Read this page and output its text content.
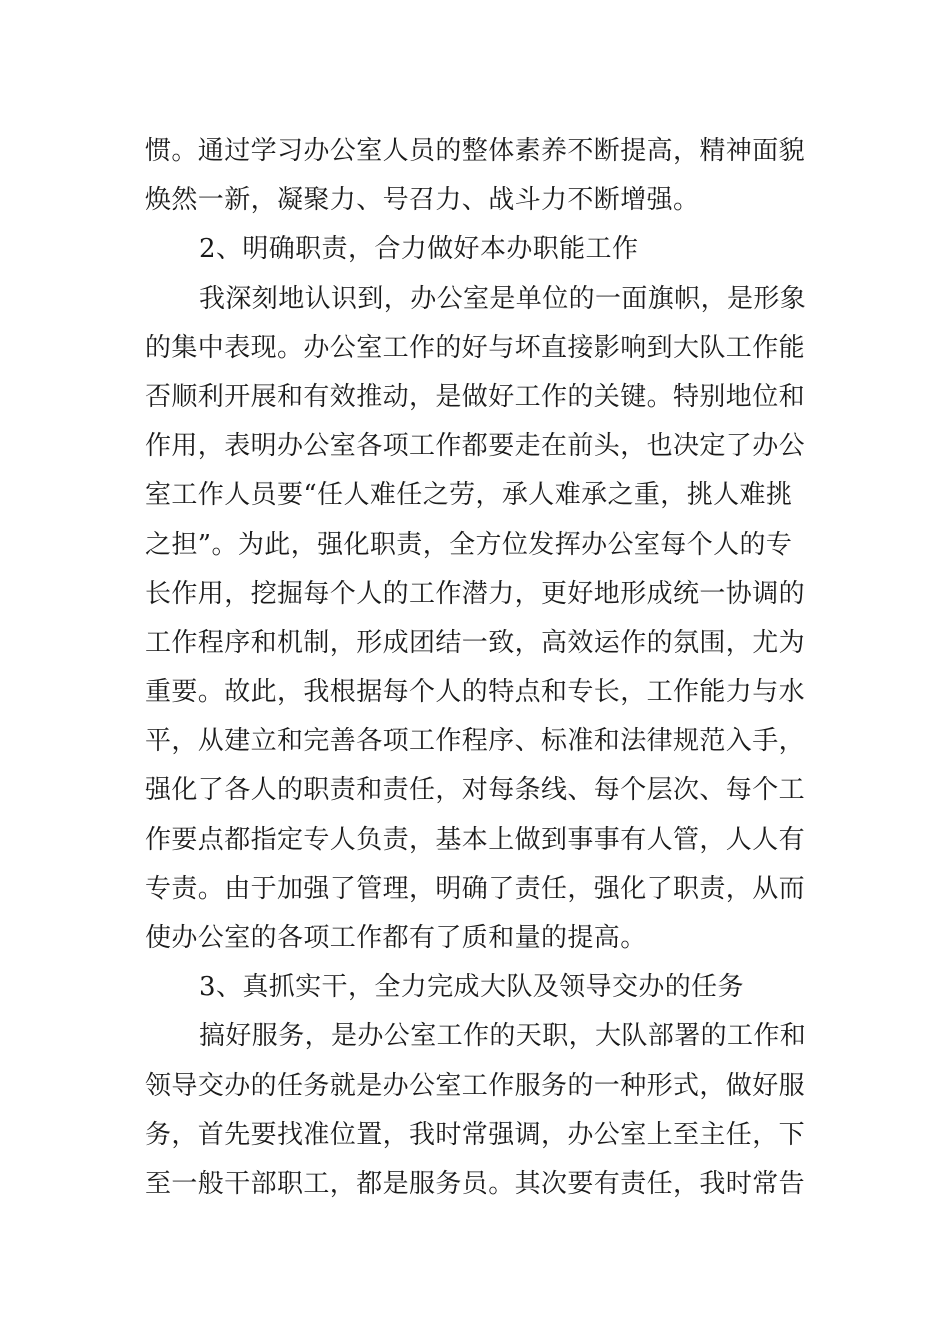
惯。通过学习办公室人员的整体素养不断提高，精神面貌
焕然一新，凝聚力、号召力、战斗力不断增强。
2、明确职责，合力做好本办职能工作
我深刻地认识到，办公室是单位的一面旗帜，是形象
的集中表现。办公室工作的好与坏直接影响到大队工作能
否顺利开展和有效推动，是做好工作的关键。特别地位和
作用，表明办公室各项工作都要走在前头，也决定了办公
室工作人员要“任人难任之劳，承人难承之重，挑人难挑
之担”。为此，强化职责，全方位发挥办公室每个人的专
长作用，挖掘每个人的工作潜力，更好地形成统一协调的
工作程序和机制，形成团结一致，高效运作的氛围，尤为
重要。故此，我根据每个人的特点和专长，工作能力与水
平，从建立和完善各项工作程序、标准和法律规范入手，
强化了各人的职责和责任，对每条线、每个层次、每个工
作要点都指定专人负责，基本上做到事事有人管，人人有
专责。由于加强了管理，明确了责任，强化了职责，从而
使办公室的各项工作都有了质和量的提高。
3、真抓实干，全力完成大队及领导交办的任务
搞好服务，是办公室工作的天职，大队部署的工作和
领导交办的任务就是办公室工作服务的一种形式，做好服
务，首先要找准位置，我时常强调，办公室上至主任，下
至一般干部职工，都是服务员。其次要有责任，我时常告
